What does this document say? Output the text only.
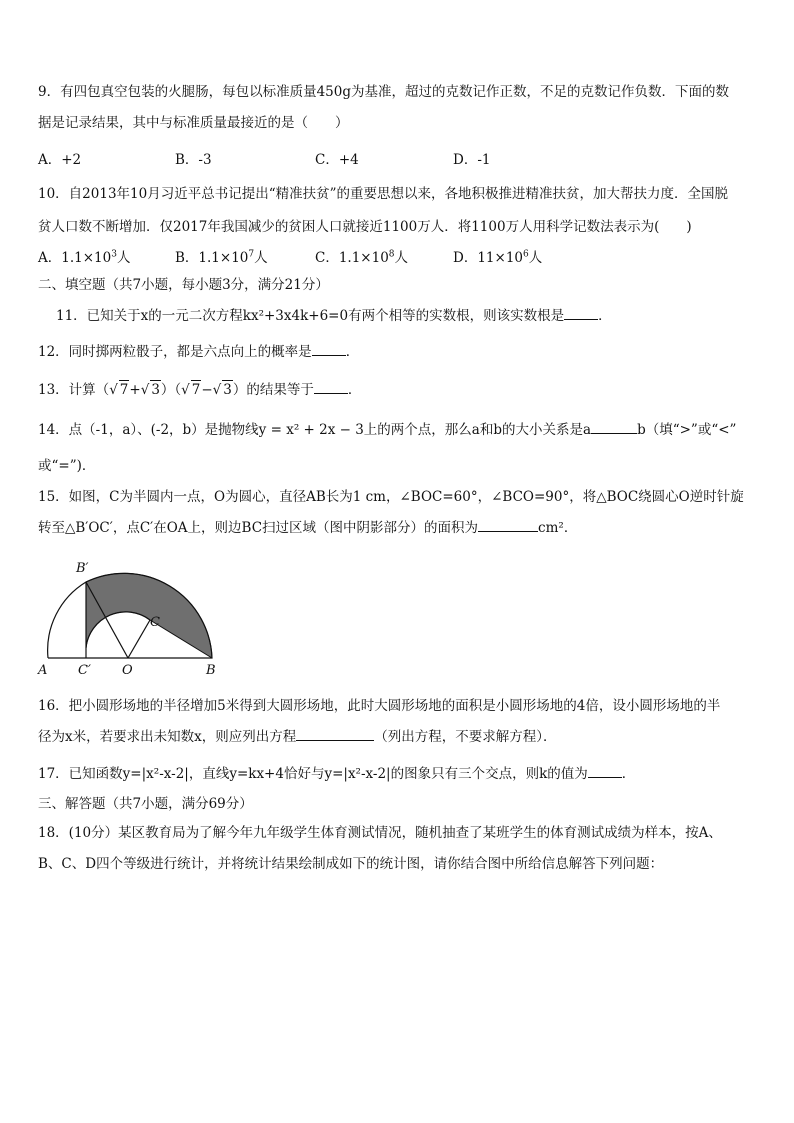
9．有四包真空包装的火腿肠，每包以标准质量450g为基准，超过的克数记作正数，不足的克数记作负数．下面的数
据是记录结果，其中与标准质量最接近的是（　　）
A．+2	B．-3	C．+4	D．-1
10．自2013年10月习近平总书记提出“精准扶贫”的重要思想以来，各地积极推进精准扶贫，加大帮扶力度．全国脱
贫人口数不断增加．仅2017年我国减少的贫困人口就接近1100万人．将1100万人用科学记数法表示为(　　)
A．$1.1\times 10^3$人	B．$1.1\times 10^7$人	C．$1.1\times 10^8$人	D．$11\times 10^6$人
二、填空题（共7小题，每小题3分，满分21分）
11．已知关于x的一元二次方程kx²+3x4k+6=0有两个相等的实数根，则该实数根是	．
12．同时掷两粒骰子，都是六点向上的概率是	．
13．计算（√ 7+√ 3）（√ 7−√ 3）的结果等于	．
14．点（-1，a）、(-2，b）是抛物线y = x² + 2x − 3上的两个点，那么a和b的大小关系是a	b（填“>”或“<”
或“=”)．
15．如图，C为半圆内一点，O为圆心，直径AB长为1 cm，∠BOC=60°，∠BCO=90°，将△BOC绕圆心O逆时针旋
转至△B′OC′，点C′在OA上，则边BC扫过区域（图中阴影部分）的面积为	cm²．
B′
C
A C′ O	B
16．把小圆形场地的半径增加5米得到大圆形场地，此时大圆形场地的面积是小圆形场地的4倍，设小圆形场地的半
径为x米，若要求出未知数x，则应列出方程	（列出方程，不要求解方程）．
17．已知函数y=|x²-x-2|，直线y=kx+4恰好与y=|x²-x-2|的图象只有三个交点，则k的值为	．
三、解答题（共7小题，满分69分）
18．(10分）某区教育局为了解今年九年级学生体育测试情况，随机抽查了某班学生的体育测试成绩为样本，按A、
B、C、D四个等级进行统计，并将统计结果绘制成如下的统计图，请你结合图中所给信息解答下列问题：
